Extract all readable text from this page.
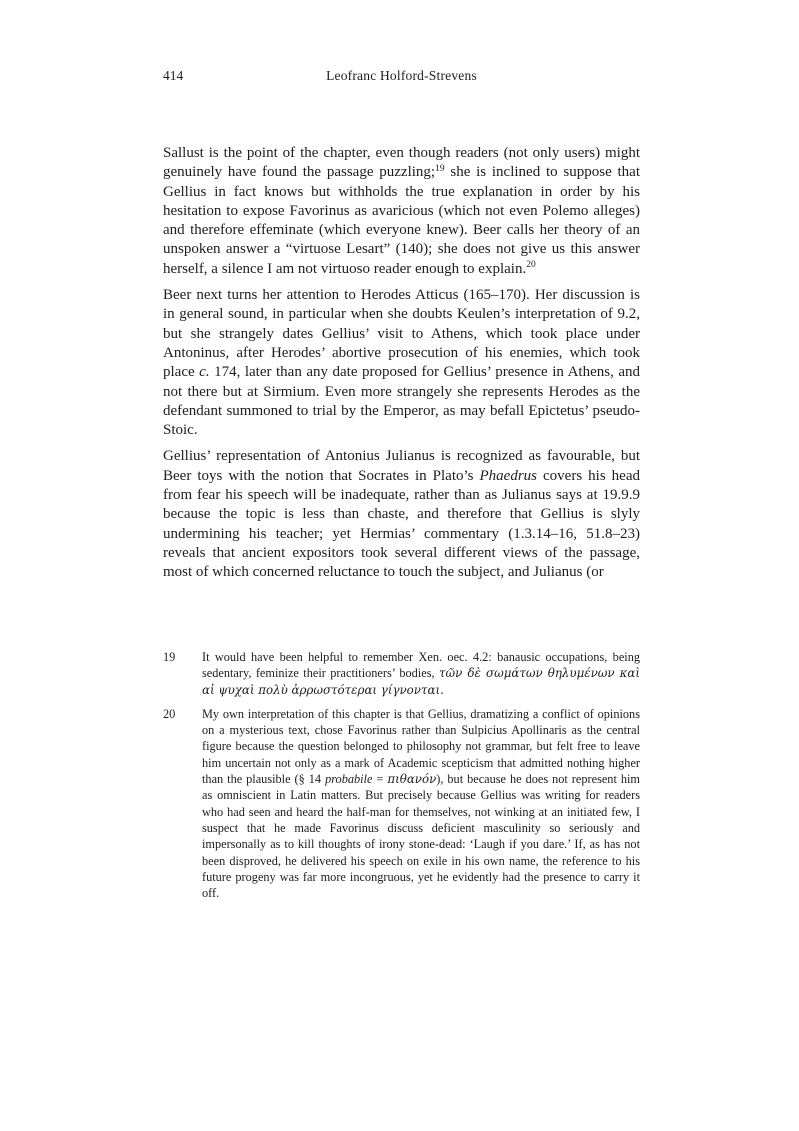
414	Leofranc Holford-Strevens

Sallust is the point of the chapter, even though readers (not only users) might genuinely have found the passage puzzling;$^{19}$ she is inclined to suppose that Gellius in fact knows but withholds the true explanation in order by his hesitation to expose Favorinus as avaricious (which not even Polemo alleges) and therefore effeminate (which everyone knew). Beer calls her theory of an unspoken answer a “virtuose Lesart” (140); she does not give us this answer herself, a silence I am not virtuoso reader enough to explain.$^{20}$

Beer next turns her attention to Herodes Atticus (165–170). Her discussion is in general sound, in particular when she doubts Keulen’s interpretation of 9.2, but she strangely dates Gellius’ visit to Athens, which took place under Antoninus, after Herodes’ abortive prosecution of his enemies, which took place c. 174, later than any date proposed for Gellius’ presence in Athens, and not there but at Sirmium. Even more strangely she represents Herodes as the defendant summoned to trial by the Emperor, as may befall Epictetus’ pseudo-Stoic.

Gellius’ representation of Antonius Julianus is recognized as favourable, but Beer toys with the notion that Socrates in Plato’s Phaedrus covers his head from fear his speech will be inadequate, rather than as Julianus says at 19.9.9 because the topic is less than chaste, and therefore that Gellius is slyly undermining his teacher; yet Hermias’ commentary (1.3.14–16, 51.8–23) reveals that ancient expositors took several different views of the passage, most of which concerned reluctance to touch the subject, and Julianus (or

19	It would have been helpful to remember Xen. oec. 4.2: banausic occupations, being sedentary, feminize their practitioners’ bodies, τῶν δὲ σωμάτων θηλυμένων καὶ αἱ ψυχαὶ πολὺ ἀρρωστότεραι γίγνονται.
20	My own interpretation of this chapter is that Gellius, dramatizing a conflict of opinions on a mysterious text, chose Favorinus rather than Sulpicius Apollinaris as the central figure because the question belonged to philosophy not grammar, but felt free to leave him uncertain not only as a mark of Academic scepticism that admitted nothing higher than the plausible (§ 14 probabile = πιθανόν), but because he does not represent him as omniscient in Latin matters. But precisely because Gellius was writing for readers who had seen and heard the half-man for themselves, not winking at an initiated few, I suspect that he made Favorinus discuss deficient masculinity so seriously and impersonally as to kill thoughts of irony stone-dead: ‘Laugh if you dare.’ If, as has not been disproved, he delivered his speech on exile in his own name, the reference to his future progeny was far more incongruous, yet he evidently had the presence to carry it off.
